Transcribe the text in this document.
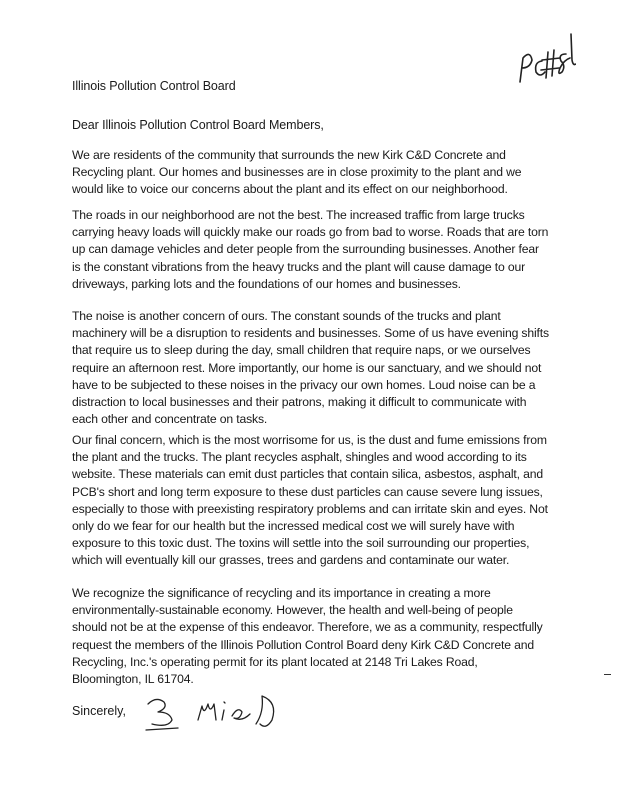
Illinois Pollution Control Board
Dear Illinois Pollution Control Board Members,

We are residents of the community that surrounds the new Kirk C&D Concrete and Recycling plant. Our homes and businesses are in close proximity to the plant and we would like to voice our concerns about the plant and its effect on our neighborhood.

The roads in our neighborhood are not the best. The increased traffic from large trucks carrying heavy loads will quickly make our roads go from bad to worse. Roads that are torn up can damage vehicles and deter people from the surrounding businesses. Another fear is the constant vibrations from the heavy trucks and the plant will cause damage to our driveways, parking lots and the foundations of our homes and businesses.

The noise is another concern of ours. The constant sounds of the trucks and plant machinery will be a disruption to residents and businesses. Some of us have evening shifts that require us to sleep during the day, small children that require naps, or we ourselves require an afternoon rest. More importantly, our home is our sanctuary, and we should not have to be subjected to these noises in the privacy our own homes. Loud noise can be a distraction to local businesses and their patrons, making it difficult to communicate with each other and concentrate on tasks.

Our final concern, which is the most worrisome for us, is the dust and fume emissions from the plant and the trucks. The plant recycles asphalt, shingles and wood according to its website. These materials can emit dust particles that contain silica, asbestos, asphalt, and PCB's short and long term exposure to these dust particles can cause severe lung issues, especially to those with preexisting respiratory problems and can irritate skin and eyes. Not only do we fear for our health but the incressed medical cost we will surely have with exposure to this toxic dust. The toxins will settle into the soil surrounding our properties, which will eventually kill our grasses, trees and gardens and contaminate our water.

We recognize the significance of recycling and its importance in creating a more environmentally-sustainable economy. However, the health and well-being of people should not be at the expense of this endeavor. Therefore, we as a community, respectfully request the members of the Illinois Pollution Control Board deny Kirk C&D Concrete and Recycling, Inc.'s operating permit for its plant located at 2148 Tri Lakes Road, Bloomington, IL 61704.

Sincerely,
